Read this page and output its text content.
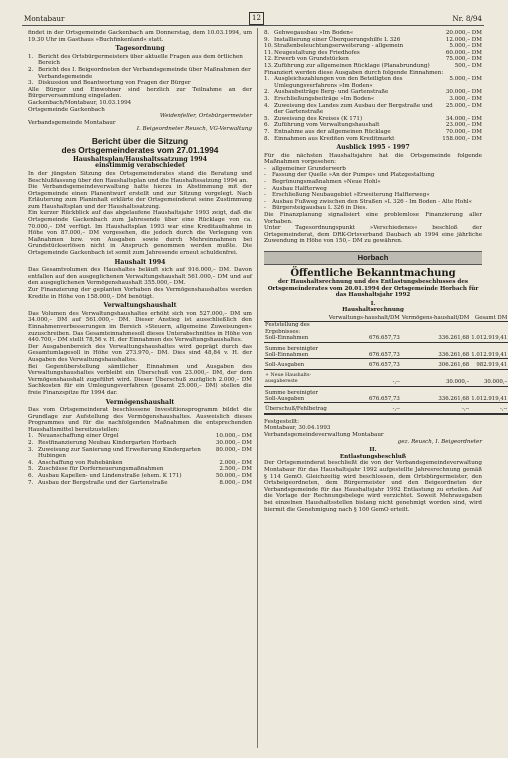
Montabaur	12	Nr. 8/94

findet in der Ortsgemeinde Gackenbach am Donnerstag, dem 10.03.1994, um 19.30 Uhr im Gasthaus »Buchfinkenland« statt.

Tagesordnung

1. Bericht des Ortsbürgermeisters über aktuelle Fragen aus dem örtlichen Bereich
2. Bericht des I. Beigeordneten der Verbandsgemeinde über Maßnahmen der Verbandsgemeinde
3. Diskussion und Beantwortung von Fragen der Bürger

Alle Bürger und Einwohner sind herzlich zur Teilnahme an der Bürgerversammlung eingeladen.

Gackenbach/Montabaur, 10.03.1994

Ortsgemeinde Gackenbach

Weidenfeller, Ortsbürgermeister

Verbandsgemeinde Montabaur

I. Beigeordneter Reusch, VG-Verwaltung

Bericht über die Sitzung
des Ortsgemeinderates vom 27.01.1994

Haushaltsplan/Haushaltssatzung 1994

einstimmig verabschiedet

In der jüngsten Sitzung des Ortsgemeinderates stand die Beratung und Beschlußfassung über den Haushaltsplan und die Haushaltssatzung 1994 an.

Die Verbandsgemeindeverwaltung hatte hierzu in Abstimmung mit der Ortsgemeinde einen Planentwurf erstellt und zur Sitzung vorgelegt. Nach Erläuterung zum Planinhalt erklärte der Ortsgemeinderat seine Zustimmung zum Haushaltsplan und der Haushaltssatzung.

Ein kurzer Rückblick auf das abgelaufene Haushaltsjahr 1993 zeigt, daß die Ortsgemeinde Gackenbach zum Jahresende über eine Rücklage von ca. 70.000,– DM verfügt. Im Haushaltsplan 1993 war eine Kreditaufnahme in Höhe von 87.000,– DM vorgesehen, die jedoch durch die Verlegung von Maßnahmen bzw. von Ausgaben sowie durch Mehreinnahmen bei Grundstückserlösen nicht in Anspruch genommen werden mußte. Die Ortsgemeinde Gackenbach ist somit zum Jahresende erneut schuldenfrei.

Haushalt 1994

Das Gesamtvolumen des Haushaltes beläuft sich auf 916.000,– DM. Davon entfallen auf den ausgeglichenen Verwaltungshaushalt 561.000,– DM und auf den ausgeglichenen Vermögenshaushalt 355.000,– DM.

Zur Finanzierung der geplanten Vorhaben des Vermögenshaushaltes werden Kredite in Höhe von 158.000,– DM benötigt.

Verwaltungshaushalt

Das Volumen des Verwaltungshaushaltes erhöht sich von 527.000,– DM um 34.000,– DM auf 561.000,– DM. Dieser Anstieg ist ausschließlich den Einnahmenverbesserungen im Bereich »Steuern, allgemeine Zuweisungen« zuzuschreiben. Das Gesamteinnahmesoll dieses Unterabschnittes in Höhe von 440.700,– DM stellt 78,56 v. H. der Einnahmen des Verwaltungshaushaltes.

Der Ausgabenbereich des Verwaltungshaushaltes wird geprägt durch das Gesamtumlagesoll in Höhe von 273.970,– DM. Dies sind 48,84 v. H. der Ausgaben des Verwaltungshaushaltes.

Bei Gegenüberstellung sämtlicher Einnahmen und Ausgaben des Verwaltungshaushaltes verbleibt ein Überschuß von 23.000,– DM, der dem Vermögenshaushalt zugeführt wird. Dieser Überschuß zuzüglich 2.000,– DM Sachkosten für ein Umlegungsverfahren (gesamt 25.000,– DM) stellen die freie Finanzspitze für 1994 dar.

Vermögenshaushalt

Das vom Ortsgemeinderat beschlossene Investitionsprogramm bildet die Grundlage zur Aufstellung des Vermögenshaushaltes. Ausweislich dieses Programmes und für die nachfolgenden Maßnahmen die entsprechenden Haushaltsmittel bereitzustellen:

1. Neuanschaffung einer Orgel	10.000,– DM
2. Restfinanzierung Neubau Kindergarten Horbach	30.000,– DM
3. Zuweisung zur Sanierung und Erweiterung Kindergarten Hubingen
80.000,– DM
4. Anschaffung von Ruhebänken	2.000,– DM
5. Zuschüsse für Dorferneuerungsmaßnahmen	2.500,– DM
6. Ausbau Kapellen- und Lindenstraße (ehem. K 171)	50.000,– DM
7. Ausbau der Bergstraße und der Gartenstraße	8.000,– DM
8. Gehwegausbau »Im Boden«	20.000,– DM
9. Installierung einer Überquerungshilfe L 326	12.000,– DM
10. Straßenbeleuchtungserweiterung - allgemein	5.000,– DM
11. Neugestaltung des Friedhofes	60.000,– DM
12. Erwerb von Grundstücken	75.000,– DM
13. Zuführung zur allgemeinen Rücklage (Planabrundung)	500,– DM

Finanziert werden diese Ausgaben durch folgende Einnahmen:

1. Ausgleichszahlungen von den Beteiligten des Umlegungsverfahrens »Im Boden«
5.000,– DM
2. Ausbaubeiträge Berg- und Gartenstraße	30.000,– DM
3. Erschließungsbeiträge »Im Boden«	3.000,– DM
4. Zuweisung des Landes zum Ausbau der Bergstraße und der Gartenstraße
25.000,– DM
5. Zuweisung des Kreises (K 171)	34.000,– DM
6. Zuführung vom Verwaltungshaushalt	23.000,– DM
7. Entnahme aus der allgemeinen Rücklage	70.000,– DM
8. Einnahmen aus Krediten vom Kreditmarkt	158.000,– DM

Ausblick 1995 - 1997

Für die nächsten Haushaltsjahre hat die Ortsgemeinde folgende Maßnahmen vorgesehen:

-	allgemeiner Grunderwerb
-	Fassung der Quelle »An der Pumpe« und Platzgestaltung
-	Begrünungsmaßnahmen »Neue Hohl«
-	Ausbau Halfterweg
-	Erschließung Neubaugebiet »Erweiterung Halfterweg«
-	Ausbau Fußweg zwischen den Straßen »L 326 - Im Boden - Alte Hohl«
-	Bürgersteigausbau L 326 in Dies.

Die Finanzplanung signalisiert eine problemlose Finanzierung aller Vorhaben.

Unter Tagesordnungspunkt »Verschiedenes« beschloß der Ortsgemeinderat, dem DRK-Ortsverband Daubach ab 1994 eine jährliche Zuwendung in Höhe von 150,– DM zu gewähren.

Horbach

Öffentliche Bekanntmachung

der Haushaltsrechnung und des Entlastungsbeschlusses des Ortsgemeinderates vom 20.01.1994 der Ortsgemeinde Horbach für das Haushaltsjahr 1992

I.

Haushaltsrechnung

	Verwaltungs-haushalt/DM	Vermögens-haushalt/DM	Gesamt DM
Feststellung des Ergebnisses:			
Soll-Einnahmen	676.657,73	336.261,68	1.012.919,41

Summe bereinigter Soll-Einnahmen	676.657,73	336.261,68	1.012.919,41

Soll-Ausgaben	676.657,73	306.261,68	982.919,41

+ Neue Haushalts-ausgabereste	-,--	30.000,–	30.000,–

Summe bereinigter Soll-Ausgaben	676.657,73	336.261,68	1.012.919,41

Überschuß/Fehlbetrag	-,--	-,--	-,--

Festgestellt:

Montabaur, 30.04.1993

Verbandsgemeindeverwaltung Montabaur

gez. Reusch, I. Beigeordneter

II.

Entlastungsbeschluß

Der Ortsgemeinderat beschließt die von der Verbandsgemeindeverwaltung Montabaur für das Haushaltsjahr 1992 aufgestellte Jahresrechnung gemäß § 114 GemO. Gleichzeitig wird beschlossen, dem Ortsbürgermeister, den Ortsbeigeordneten, dem Bürgermeister und den Beigeordneten der Verbandsgemeinde für das Haushaltsjahr 1992 Entlastung zu erteilen. Auf die Vorlage der Rechnungsbelege wird verzichtet. Soweit Mehrausgaben bei einzelnen Haushaltsstellen bislang nicht genehmigt worden sind, wird hiermit die Genehmigung nach § 100 GemO erteilt.
